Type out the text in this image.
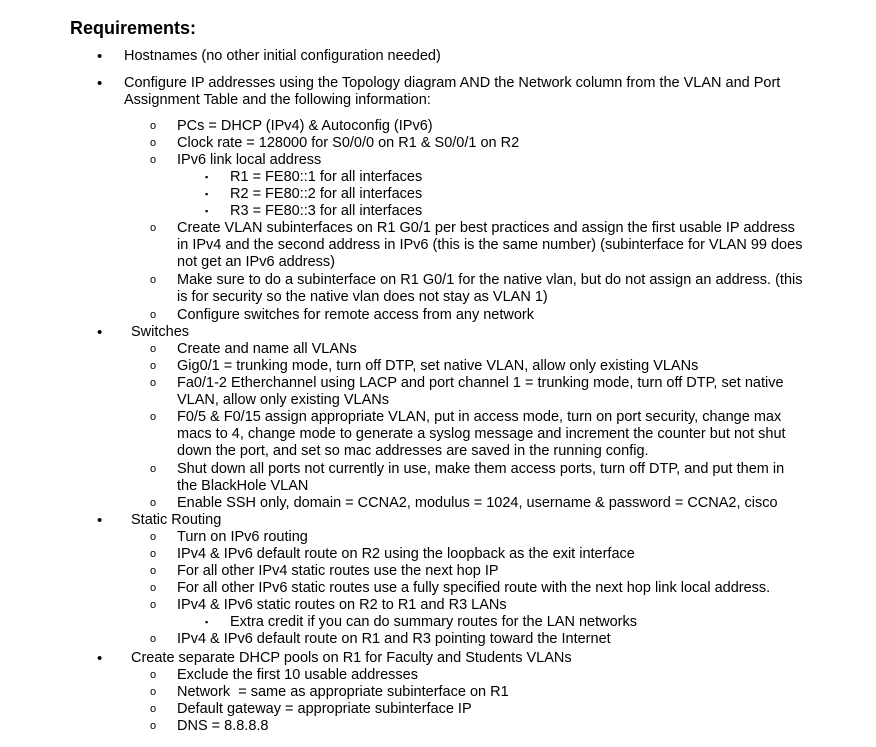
Requirements:
• Hostnames (no other initial configuration needed)
• Configure IP addresses using the Topology diagram AND the Network column from the VLAN and Port
Assignment Table and the following information:
o PCs = DHCP (IPv4) & Autoconfig (IPv6)
o Clock rate = 128000 for S0/0/0 on R1 & S0/0/1 on R2
o IPv6 link local address
▪ R1 = FE80::1 for all interfaces
▪ R2 = FE80::2 for all interfaces
▪ R3 = FE80::3 for all interfaces
o Create VLAN subinterfaces on R1 G0/1 per best practices and assign the first usable IP address
in IPv4 and the second address in IPv6 (this is the same number) (subinterface for VLAN 99 does
not get an IPv6 address)
o Make sure to do a subinterface on R1 G0/1 for the native vlan, but do not assign an address. (this
is for security so the native vlan does not stay as VLAN 1)
o Configure switches for remote access from any network
• Switches
o Create and name all VLANs
o Gig0/1 = trunking mode, turn off DTP, set native VLAN, allow only existing VLANs
o Fa0/1-2 Etherchannel using LACP and port channel 1 = trunking mode, turn off DTP, set native
VLAN, allow only existing VLANs
o F0/5 & F0/15 assign appropriate VLAN, put in access mode, turn on port security, change max
macs to 4, change mode to generate a syslog message and increment the counter but not shut
down the port, and set so mac addresses are saved in the running config.
o Shut down all ports not currently in use, make them access ports, turn off DTP, and put them in
the BlackHole VLAN
o Enable SSH only, domain = CCNA2, modulus = 1024, username & password = CCNA2, cisco
• Static Routing
o Turn on IPv6 routing
o IPv4 & IPv6 default route on R2 using the loopback as the exit interface
o For all other IPv4 static routes use the next hop IP
o For all other IPv6 static routes use a fully specified route with the next hop link local address.
o IPv4 & IPv6 static routes on R2 to R1 and R3 LANs
▪ Extra credit if you can do summary routes for the LAN networks
o IPv4 & IPv6 default route on R1 and R3 pointing toward the Internet
• Create separate DHCP pools on R1 for Faculty and Students VLANs
o Exclude the first 10 usable addresses
o Network  = same as appropriate subinterface on R1
o Default gateway = appropriate subinterface IP
o DNS = 8.8.8.8
